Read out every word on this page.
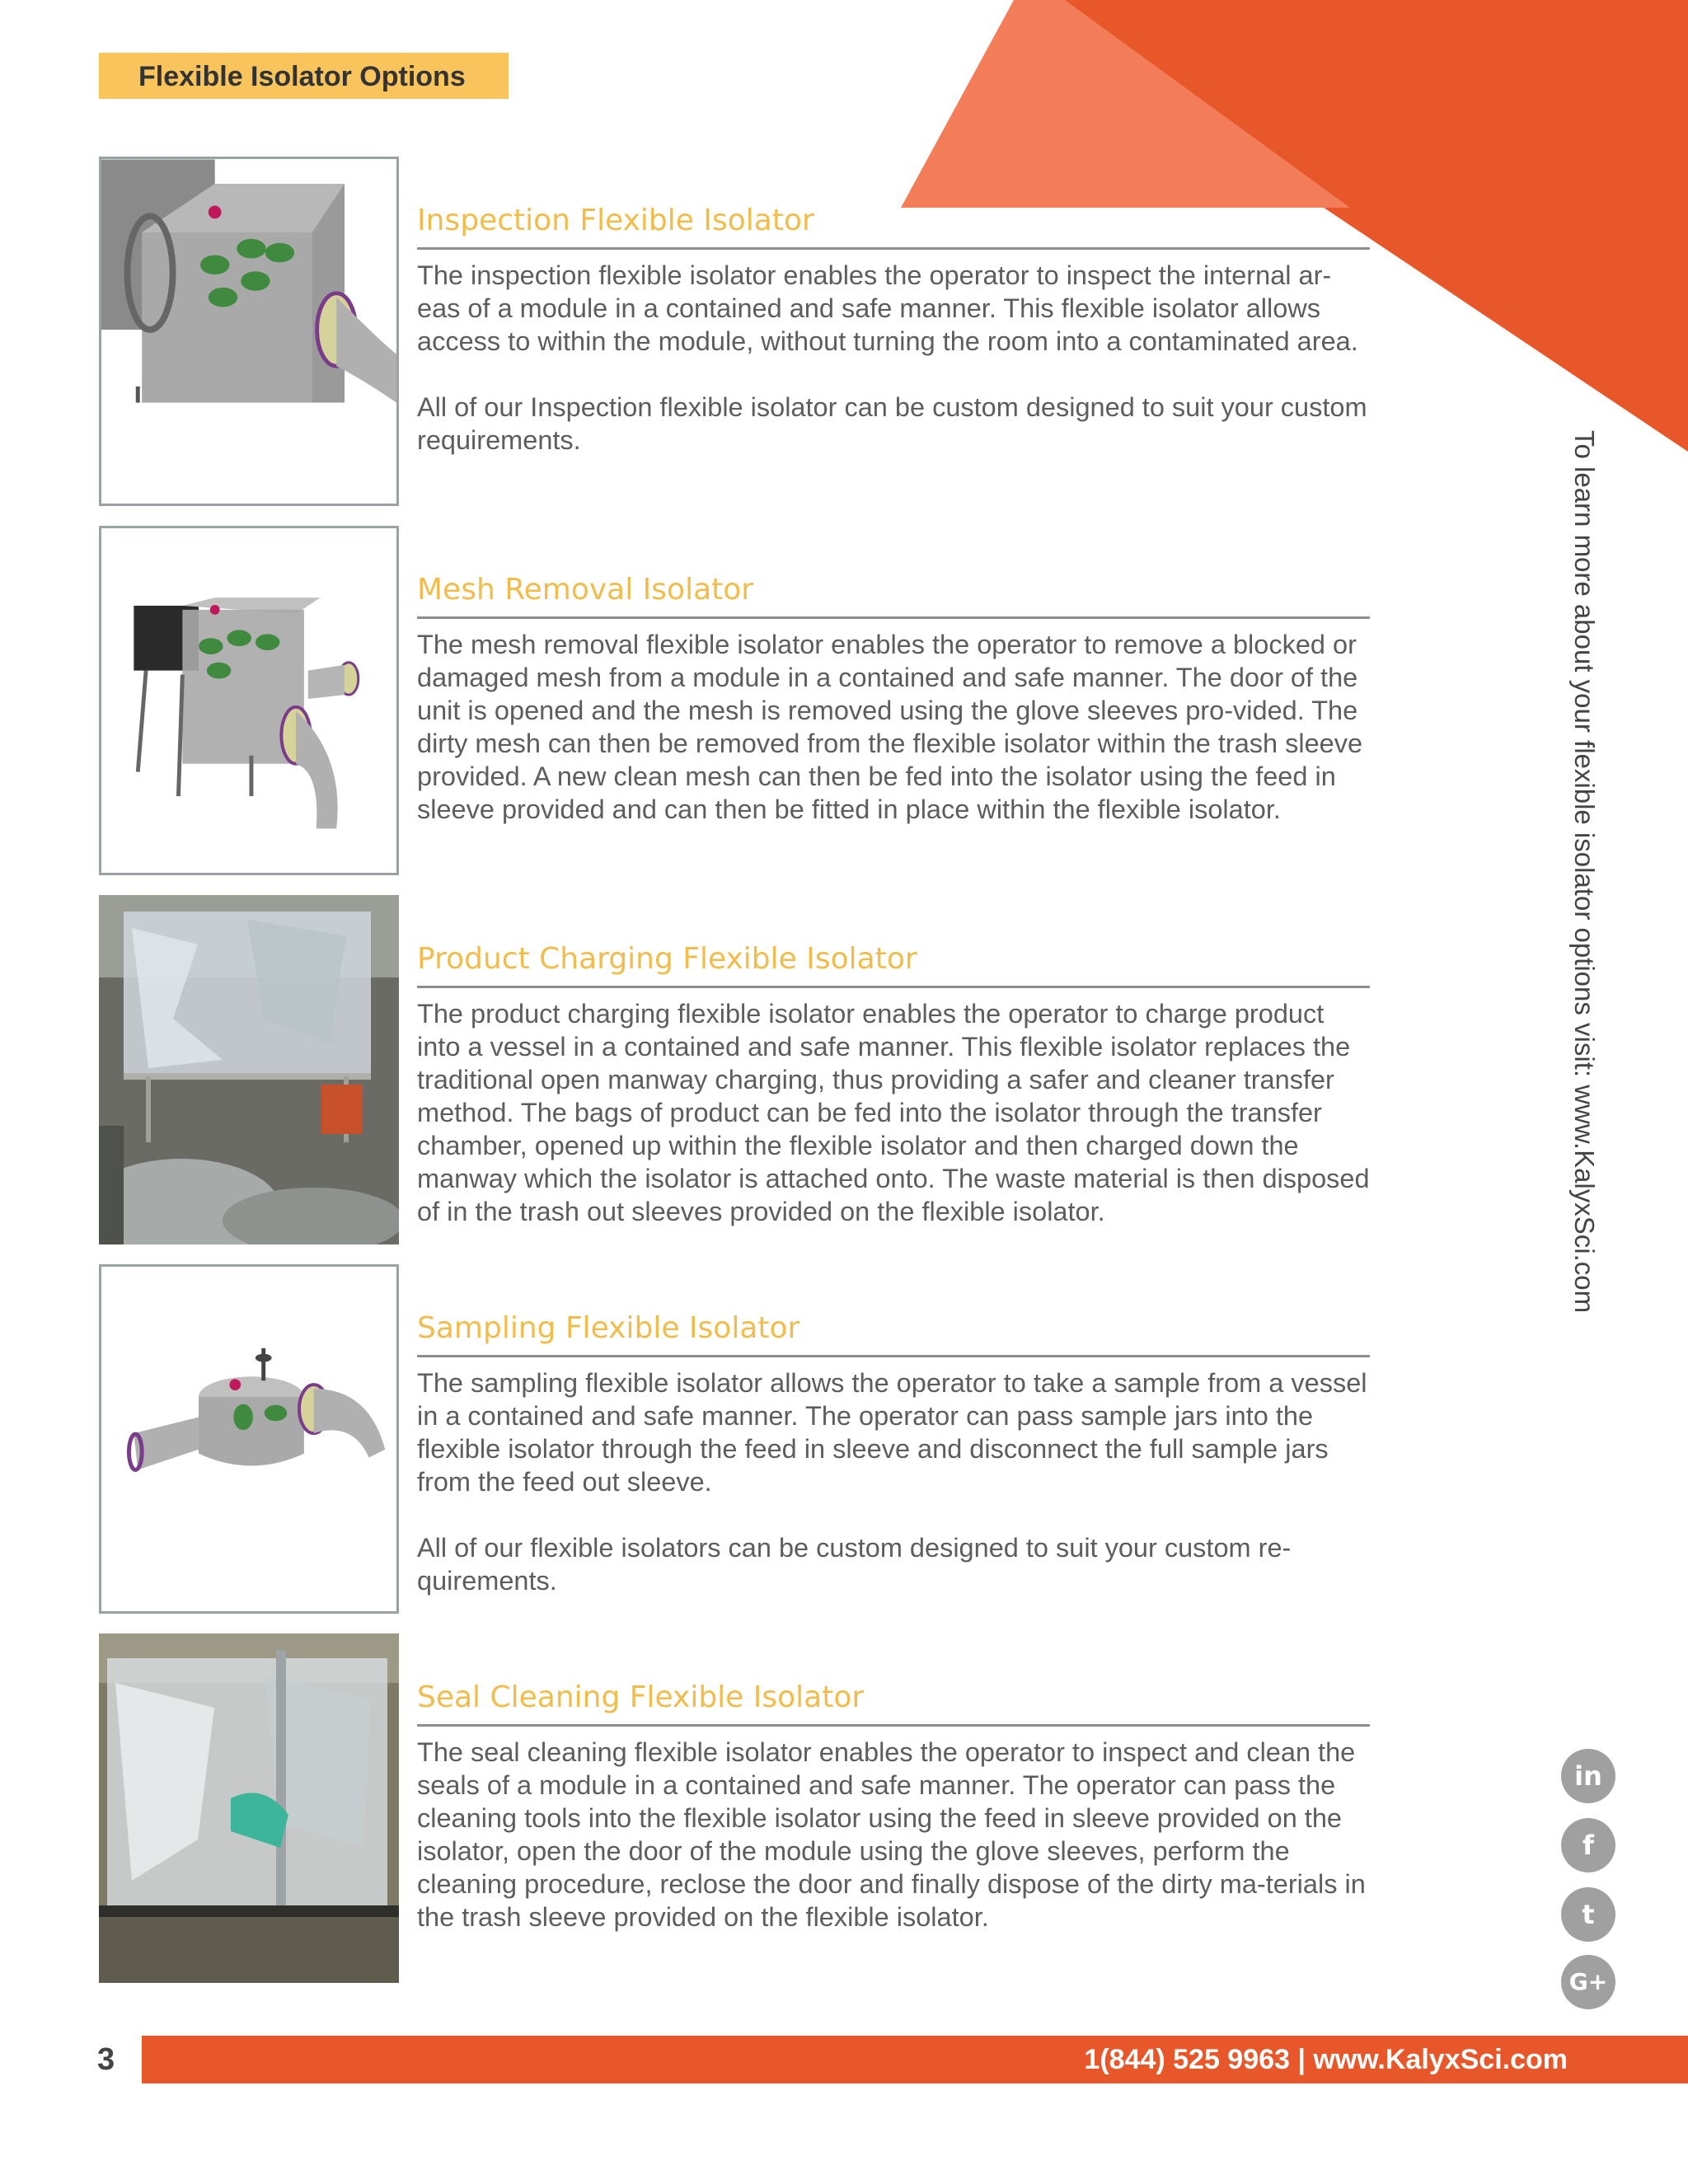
Flexible Isolator Options
Inspection Flexible Isolator

The inspection flexible isolator enables the operator to inspect the internal ar-eas of a module in a contained and safe manner. This flexible isolator allows access to within the module, without turning the room into a contaminated area.

All of our Inspection flexible isolator can be custom designed to suit your custom requirements.

Mesh Removal Isolator

The mesh removal flexible isolator enables the operator to remove a blocked or damaged mesh from a module in a contained and safe manner. The door of the unit is opened and the mesh is removed using the glove sleeves pro-vided. The dirty mesh can then be removed from the flexible isolator within the trash sleeve provided. A new clean mesh can then be fed into the isolator using the feed in sleeve provided and can then be fitted in place within the flexible isolator.

Product Charging Flexible Isolator

The product charging flexible isolator enables the operator to charge product into a vessel in a contained and safe manner. This flexible isolator replaces the traditional open manway charging, thus providing a safer and cleaner transfer method. The bags of product can be fed into the isolator through the transfer chamber, opened up within the flexible isolator and then charged down the manway which the isolator is attached onto. The waste material is then disposed of in the trash out sleeves provided on the flexible isolator.

Sampling Flexible Isolator

The sampling flexible isolator allows the operator to take a sample from a vessel in a contained and safe manner. The operator can pass sample jars into the flexible isolator through the feed in sleeve and disconnect the full sample jars from the feed out sleeve.

All of our flexible isolators can be custom designed to suit your custom re-quirements.

Seal Cleaning Flexible Isolator

The seal cleaning flexible isolator enables the operator to inspect and clean the seals of a module in a contained and safe manner. The operator can pass the cleaning tools into the flexible isolator using the feed in sleeve provided on the isolator, open the door of the module using the glove sleeves, perform the cleaning procedure, reclose the door and finally dispose of the dirty ma-terials in the trash sleeve provided on the flexible isolator.

To learn more about your flexible isolator options visit: www.KalyxSci.com
in
f
t
G+
3	1(844) 525 9963 | www.KalyxSci.com
